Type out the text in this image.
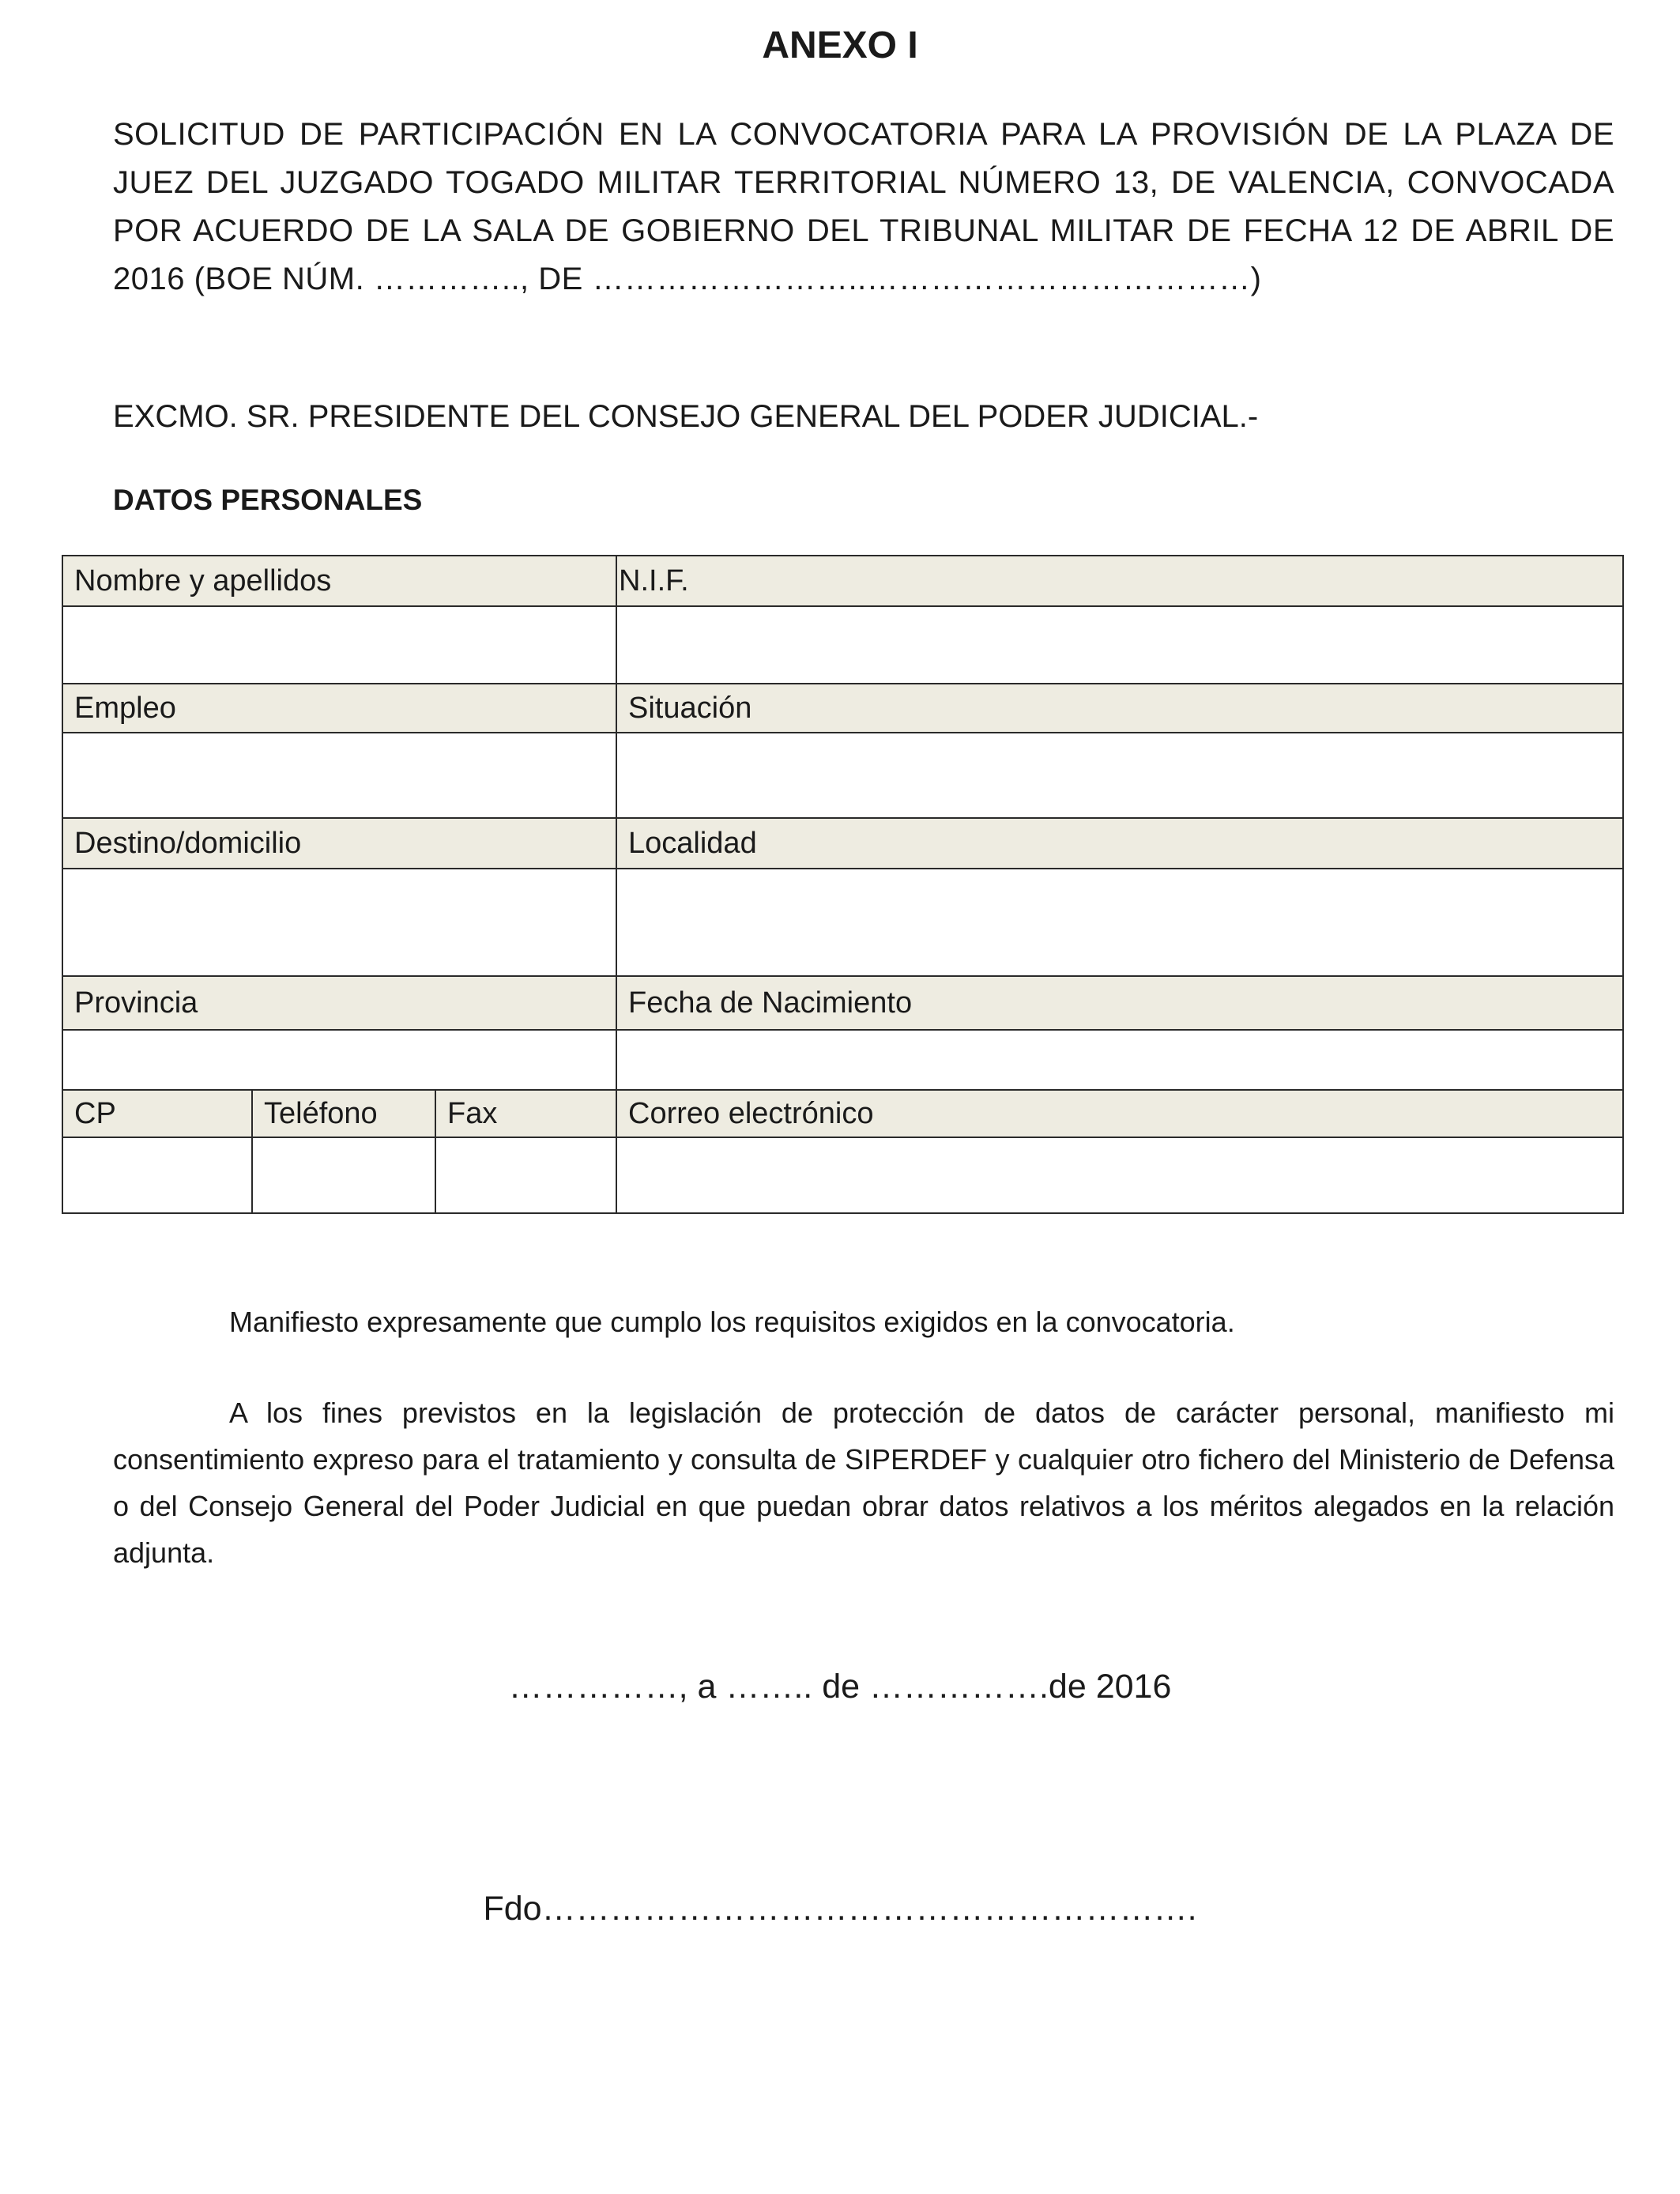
ANEXO I
SOLICITUD DE PARTICIPACIÓN EN LA CONVOCATORIA PARA LA PROVISIÓN DE LA PLAZA DE JUEZ DEL JUZGADO TOGADO MILITAR TERRITORIAL NÚMERO 13, DE VALENCIA, CONVOCADA POR ACUERDO DE LA SALA DE GOBIERNO DEL TRIBUNAL MILITAR DE FECHA 12 DE ABRIL DE 2016 (BOE NÚM. ………….., DE ……………………..………………………………)
EXCMO. SR. PRESIDENTE DEL CONSEJO GENERAL DEL PODER JUDICIAL.-
DATOS PERSONALES
Nombre y apellidos			N.I.F.

Empleo			Situación

Destino/domicilio			Localidad

Provincia			Fecha de Nacimiento

CP	Teléfono	Fax	Correo electrónico

Manifiesto expresamente que cumplo los requisitos exigidos en la convocatoria.
A los fines previstos en la legislación de protección de datos de carácter personal, manifiesto mi consentimiento expreso para el tratamiento y consulta de SIPERDEF y cualquier otro fichero del Ministerio de Defensa o del Consejo General del Poder Judicial en que puedan obrar datos relativos a los méritos alegados en la relación adjunta.
……………, a …….. de …………….de 2016
Fdo………………………………………………….
